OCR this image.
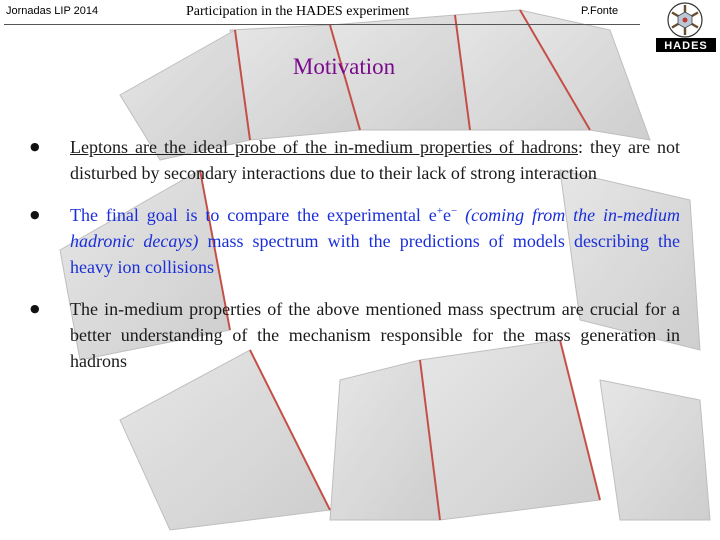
Jornadas LIP 2014	Participation in the HADES experiment	P.Fonte
HADES
Motivation
● Leptons are the ideal probe of the in-medium properties of hadrons: they are not disturbed by secondary interactions due to their lack of strong interaction

● The final goal is to compare the experimental e+e− (coming from the in-medium hadronic decays) mass spectrum with the predictions of models describing the heavy ion collisions

● The in-medium properties of the above mentioned mass spectrum are crucial for a better understanding of the mechanism responsible for the mass generation in hadrons
